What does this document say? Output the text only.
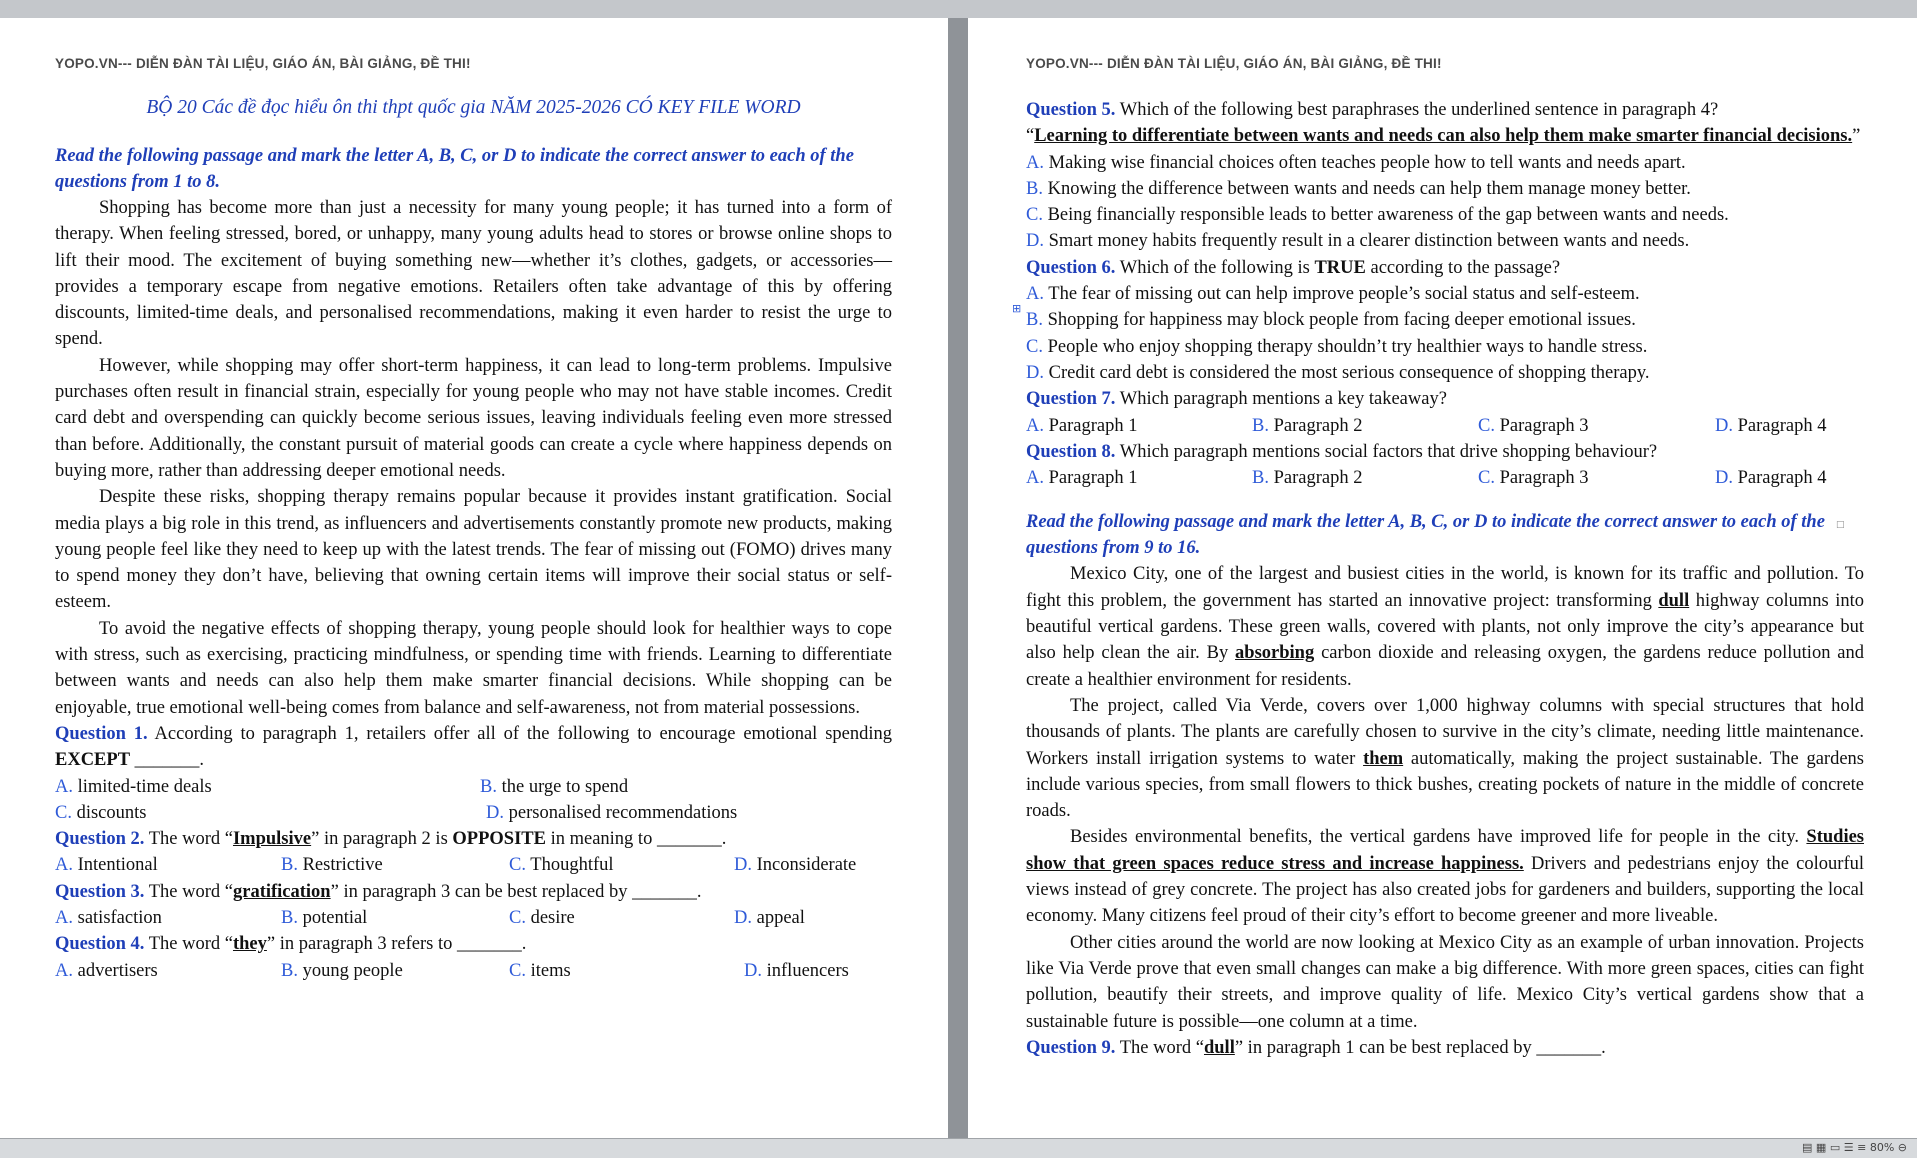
YOPO.VN--- DIỄN ĐÀN TÀI LIỆU, GIÁO ÁN, BÀI GIẢNG, ĐỀ THI!
BỘ 20 Các đề đọc hiểu ôn thi thpt quốc gia NĂM 2025-2026 CÓ KEY FILE WORD

Read the following passage and mark the letter A, B, C, or D to indicate the correct answer to each of the questions from 1 to 8.

Shopping has become more than just a necessity for many young people; it has turned into a form of therapy. When feeling stressed, bored, or unhappy, many young adults head to stores or browse online shops to lift their mood. The excitement of buying something new—whether it’s clothes, gadgets, or accessories—provides a temporary escape from negative emotions. Retailers often take advantage of this by offering discounts, limited-time deals, and personalised recommendations, making it even harder to resist the urge to spend.

However, while shopping may offer short-term happiness, it can lead to long-term problems. Impulsive purchases often result in financial strain, especially for young people who may not have stable incomes. Credit card debt and overspending can quickly become serious issues, leaving individuals feeling even more stressed than before. Additionally, the constant pursuit of material goods can create a cycle where happiness depends on buying more, rather than addressing deeper emotional needs.

Despite these risks, shopping therapy remains popular because it provides instant gratification. Social media plays a big role in this trend, as influencers and advertisements constantly promote new products, making young people feel like they need to keep up with the latest trends. The fear of missing out (FOMO) drives many to spend money they don’t have, believing that owning certain items will improve their social status or self-esteem.

To avoid the negative effects of shopping therapy, young people should look for healthier ways to cope with stress, such as exercising, practicing mindfulness, or spending time with friends. Learning to differentiate between wants and needs can also help them make smarter financial decisions. While shopping can be enjoyable, true emotional well-being comes from balance and self-awareness, not from material possessions.

Question 1. According to paragraph 1, retailers offer all of the following to encourage emotional spending EXCEPT _______.

A. limited-time deals	B. the urge to spend
C. discounts	D. personalised recommendations

Question 2. The word “Impulsive” in paragraph 2 is OPPOSITE in meaning to _______.

A. Intentional	B. Restrictive	C. Thoughtful	D. Inconsiderate

Question 3. The word “gratification” in paragraph 3 can be best replaced by _______.

A. satisfaction	B. potential	C. desire	D. appeal

Question 4. The word “they” in paragraph 3 refers to _______.

A. advertisers	B. young people	C. items	D. influencers
YOPO.VN--- DIỄN ĐÀN TÀI LIỆU, GIÁO ÁN, BÀI GIẢNG, ĐỀ THI!

Question 5. Which of the following best paraphrases the underlined sentence in paragraph 4?

“Learning to differentiate between wants and needs can also help them make smarter financial decisions.”

A. Making wise financial choices often teaches people how to tell wants and needs apart.
B. Knowing the difference between wants and needs can help them manage money better.
C. Being financially responsible leads to better awareness of the gap between wants and needs.
D. Smart money habits frequently result in a clearer distinction between wants and needs.

Question 6. Which of the following is TRUE according to the passage?

A. The fear of missing out can help improve people’s social status and self-esteem.
B. Shopping for happiness may block people from facing deeper emotional issues.
C. People who enjoy shopping therapy shouldn’t try healthier ways to handle stress.
D. Credit card debt is considered the most serious consequence of shopping therapy.

Question 7. Which paragraph mentions a key takeaway?

A. Paragraph 1	B. Paragraph 2	C. Paragraph 3	D. Paragraph 4

Question 8. Which paragraph mentions social factors that drive shopping behaviour?

A. Paragraph 1	B. Paragraph 2	C. Paragraph 3	D. Paragraph 4

Read the following passage and mark the letter A, B, C, or D to indicate the correct answer to each of the questions from 9 to 16.

Mexico City, one of the largest and busiest cities in the world, is known for its traffic and pollution. To fight this problem, the government has started an innovative project: transforming dull highway columns into beautiful vertical gardens. These green walls, covered with plants, not only improve the city’s appearance but also help clean the air. By absorbing carbon dioxide and releasing oxygen, the gardens reduce pollution and create a healthier environment for residents.

The project, called Via Verde, covers over 1,000 highway columns with special structures that hold thousands of plants. The plants are carefully chosen to survive in the city’s climate, needing little maintenance. Workers install irrigation systems to water them automatically, making the project sustainable. The gardens include various species, from small flowers to thick bushes, creating pockets of nature in the middle of concrete roads.

Besides environmental benefits, the vertical gardens have improved life for people in the city. Studies show that green spaces reduce stress and increase happiness. Drivers and pedestrians enjoy the colourful views instead of grey concrete. The project has also created jobs for gardeners and builders, supporting the local economy. Many citizens feel proud of their city’s effort to become greener and more liveable.

Other cities around the world are now looking at Mexico City as an example of urban innovation. Projects like Via Verde prove that even small changes can make a big difference. With more green spaces, cities can fight pollution, beautify their streets, and improve quality of life. Mexico City’s vertical gardens show that a sustainable future is possible—one column at a time.

Question 9. The word “dull” in paragraph 1 can be best replaced by _______.

⊞
□
▤ ▦ ▭ ☰ ≡ 80% ⊖
